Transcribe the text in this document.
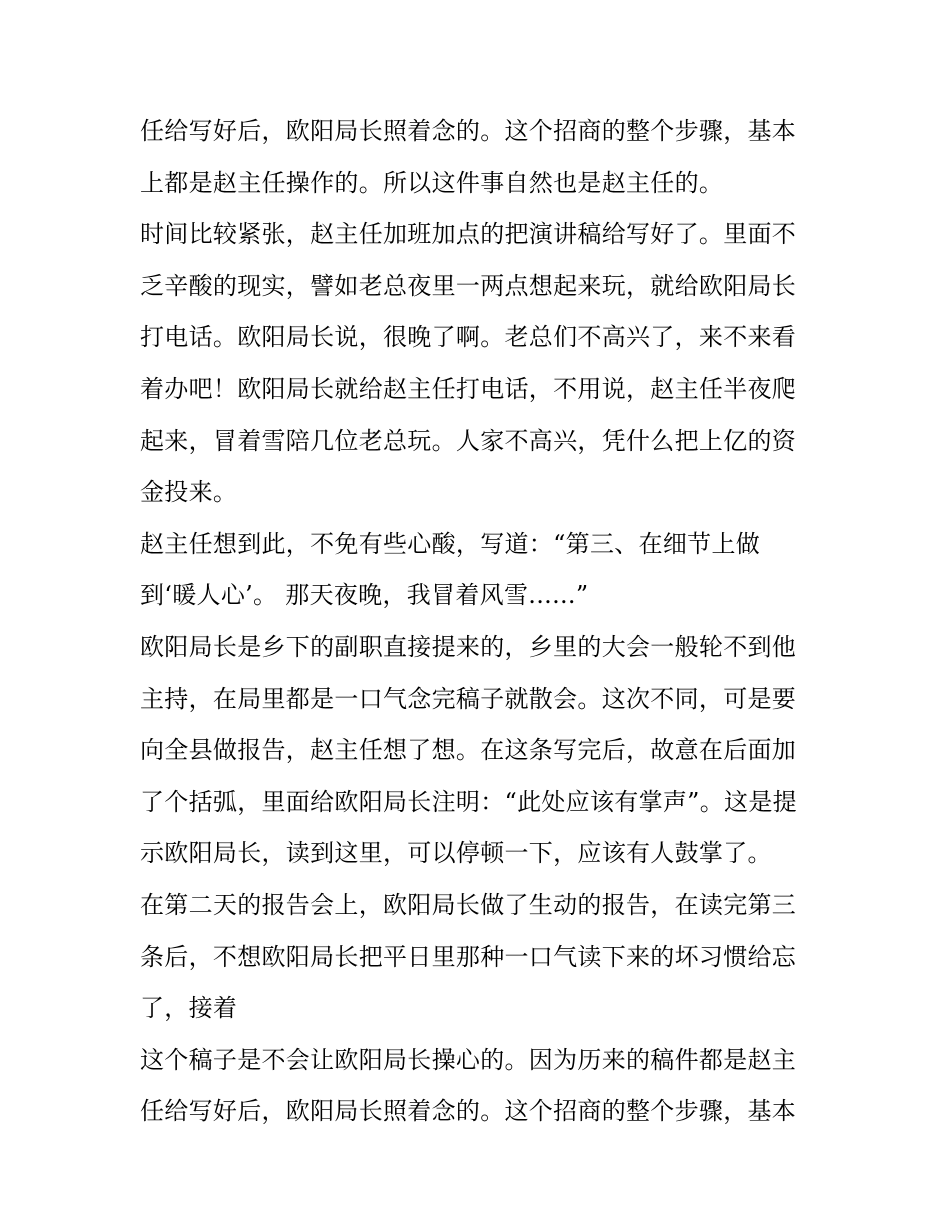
任给写好后，欧阳局长照着念的。这个招商的整个步骤，基本
上都是赵主任操作的。所以这件事自然也是赵主任的。
时间比较紧张，赵主任加班加点的把演讲稿给写好了。里面不
乏辛酸的现实，譬如老总夜里一两点想起来玩，就给欧阳局长
打电话。欧阳局长说，很晚了啊。老总们不高兴了，来不来看
着办吧！欧阳局长就给赵主任打电话，不用说，赵主任半夜爬
起来，冒着雪陪几位老总玩。人家不高兴，凭什么把上亿的资
金投来。
赵主任想到此，不免有些心酸，写道：“第三、在细节上做
到‘暖人心’。 那天夜晚，我冒着风雪......”
欧阳局长是乡下的副职直接提来的，乡里的大会一般轮不到他
主持，在局里都是一口气念完稿子就散会。这次不同，可是要
向全县做报告，赵主任想了想。在这条写完后，故意在后面加
了个括弧，里面给欧阳局长注明：“此处应该有掌声”。这是提
示欧阳局长，读到这里，可以停顿一下，应该有人鼓掌了。
在第二天的报告会上，欧阳局长做了生动的报告，在读完第三
条后，不想欧阳局长把平日里那种一口气读下来的坏习惯给忘
了，接着
这个稿子是不会让欧阳局长操心的。因为历来的稿件都是赵主
任给写好后，欧阳局长照着念的。这个招商的整个步骤，基本
